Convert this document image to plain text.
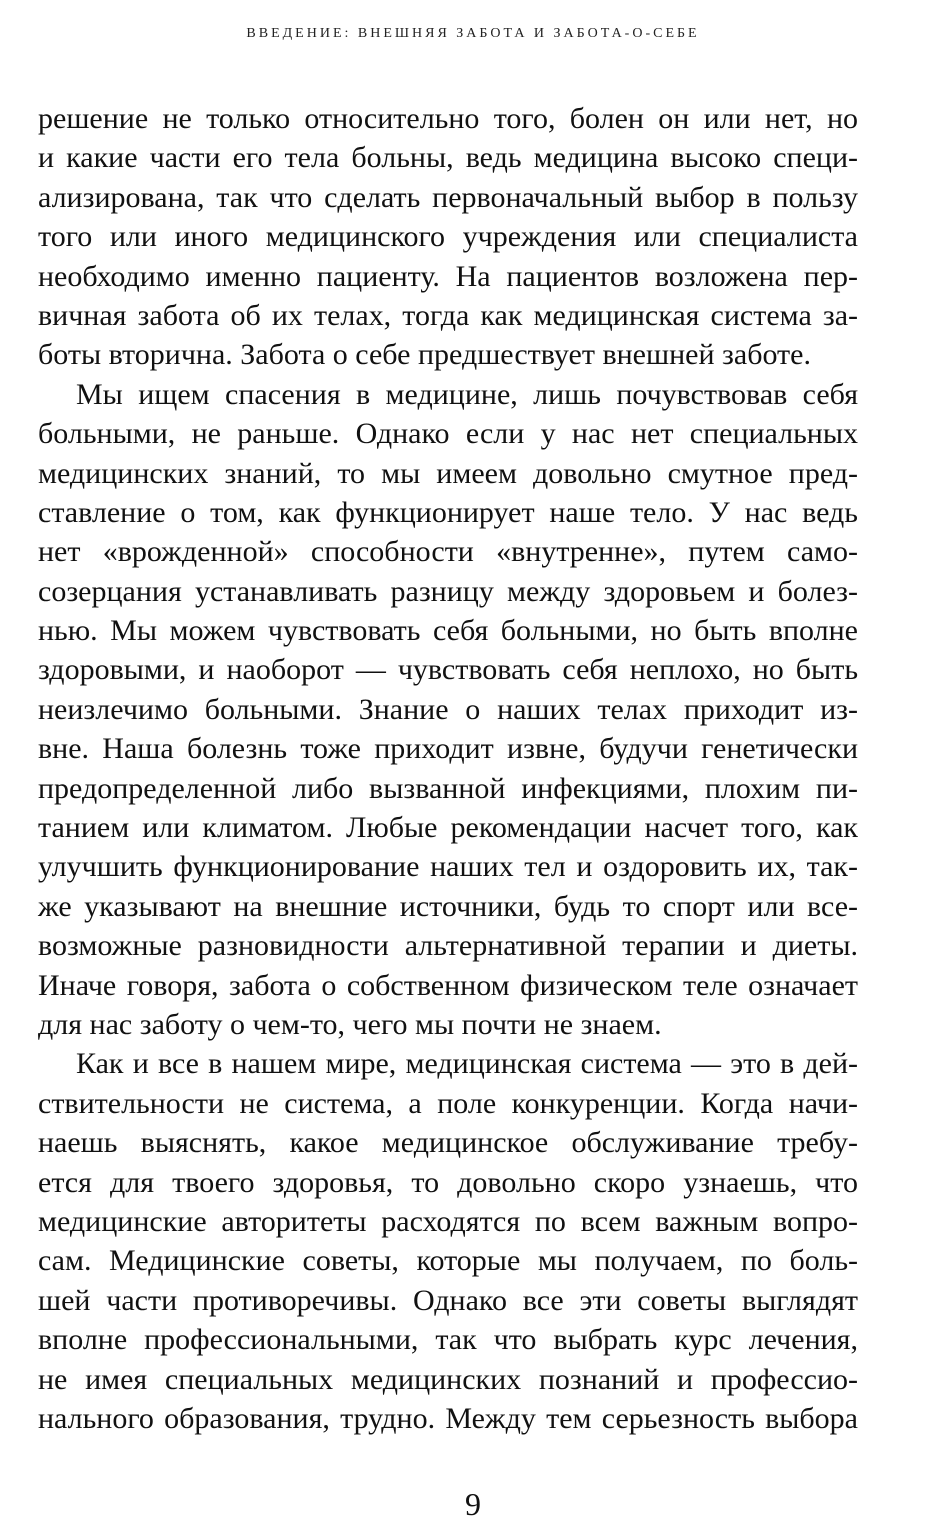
ВВЕДЕНИЕ: ВНЕШНЯЯ ЗАБОТА И ЗАБОТА-О-СЕБЕ
решение не только относительно того, болен он или нет, но
и какие части его тела больны, ведь медицина высоко специ-
ализирована, так что сделать первоначальный выбор в пользу
того или иного медицинского учреждения или специалиста
необходимо именно пациенту. На пациентов возложена пер-
вичная забота об их телах, тогда как медицинская система за-
боты вторична. Забота о себе предшествует внешней заботе.
Мы ищем спасения в медицине, лишь почувствовав себя
больными, не раньше. Однако если у нас нет специальных
медицинских знаний, то мы имеем довольно смутное пред-
ставление о том, как функционирует наше тело. У нас ведь
нет «врожденной» способности «внутренне», путем само-
созерцания устанавливать разницу между здоровьем и болез-
нью. Мы можем чувствовать себя больными, но быть вполне
здоровыми, и наоборот — чувствовать себя неплохо, но быть
неизлечимо больными. Знание о наших телах приходит из-
вне. Наша болезнь тоже приходит извне, будучи генетически
предопределенной либо вызванной инфекциями, плохим пи-
танием или климатом. Любые рекомендации насчет того, как
улучшить функционирование наших тел и оздоровить их, так-
же указывают на внешние источники, будь то спорт или все-
возможные разновидности альтернативной терапии и диеты.
Иначе говоря, забота о собственном физическом теле означает
для нас заботу о чем-то, чего мы почти не знаем.
Как и все в нашем мире, медицинская система — это в дей-
ствительности не система, а поле конкуренции. Когда начи-
наешь выяснять, какое медицинское обслуживание требу-
ется для твоего здоровья, то довольно скоро узнаешь, что
медицинские авторитеты расходятся по всем важным вопро-
сам. Медицинские советы, которые мы получаем, по боль-
шей части противоречивы. Однако все эти советы выглядят
вполне профессиональными, так что выбрать курс лечения,
не имея специальных медицинских познаний и профессио-
нального образования, трудно. Между тем серьезность выбора
9
